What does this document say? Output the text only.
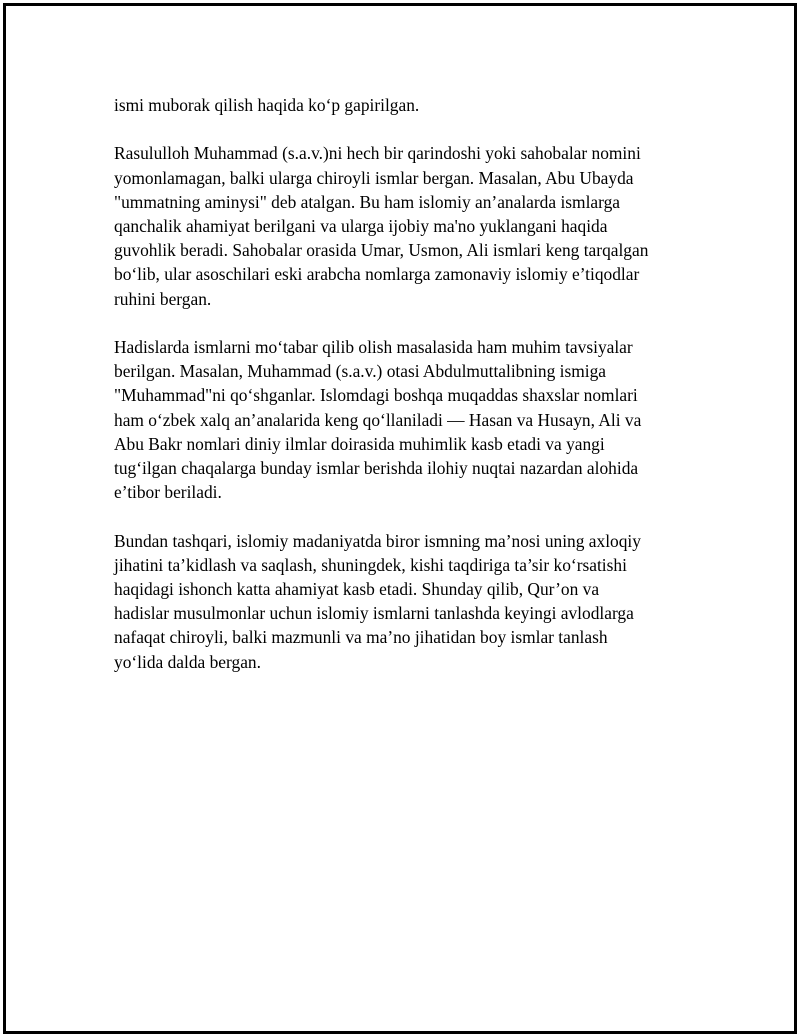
ismi muborak qilish haqida ko‘p gapirilgan.

Rasululloh Muhammad (s.a.v.)ni hech bir qarindoshi yoki sahobalar nomini
yomonlamagan, balki ularga chiroyli ismlar bergan. Masalan, Abu Ubayda
"ummatning aminysi" deb atalgan. Bu ham islomiy an’analarda ismlarga
qanchalik ahamiyat berilgani va ularga ijobiy ma'no yuklangani haqida
guvohlik beradi. Sahobalar orasida Umar, Usmon, Ali ismlari keng tarqalgan
bo‘lib, ular asoschilari eski arabcha nomlarga zamonaviy islomiy e’tiqodlar
ruhini bergan.

Hadislarda ismlarni mo‘tabar qilib olish masalasida ham muhim tavsiyalar
berilgan. Masalan, Muhammad (s.a.v.) otasi Abdulmuttalibning ismiga
"Muhammad"ni qo‘shganlar. Islomdagi boshqa muqaddas shaxslar nomlari
ham o‘zbek xalq an’analarida keng qo‘llaniladi — Hasan va Husayn, Ali va
Abu Bakr nomlari diniy ilmlar doirasida muhimlik kasb etadi va yangi
tug‘ilgan chaqalarga bunday ismlar berishda ilohiy nuqtai nazardan alohida
e’tibor beriladi.

Bundan tashqari, islomiy madaniyatda biror ismning ma’nosi uning axloqiy
jihatini ta’kidlash va saqlash, shuningdek, kishi taqdiriga ta’sir ko‘rsatishi
haqidagi ishonch katta ahamiyat kasb etadi. Shunday qilib, Qur’on va
hadislar musulmonlar uchun islomiy ismlarni tanlashda keyingi avlodlarga
nafaqat chiroyli, balki mazmunli va ma’no jihatidan boy ismlar tanlash
yo‘lida dalda bergan.
